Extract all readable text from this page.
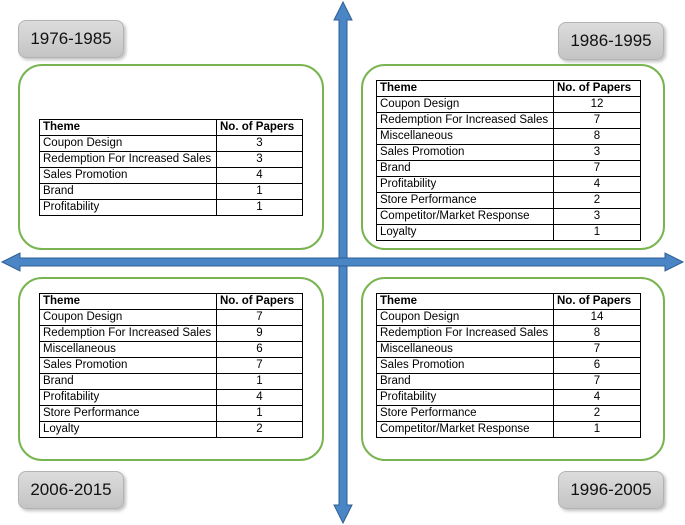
1976-1985	1986-1995
2006-2015	1996-2005
Theme	No. of Papers
Coupon Design	3
Redemption For Increased Sales	3
Sales Promotion	4
Brand	1
Profitability	1
Theme	No. of Papers
Coupon Design	12
Redemption For Increased Sales	7
Miscellaneous	8
Sales Promotion	3
Brand	7
Profitability	4
Store Performance	2
Competitor/Market Response	3
Loyalty	1
Theme	No. of Papers
Coupon Design	7
Redemption For Increased Sales	9
Miscellaneous	6
Sales Promotion	7
Brand	1
Profitability	4
Store Performance	1
Loyalty	2
Theme	No. of Papers
Coupon Design	14
Redemption For Increased Sales	8
Miscellaneous	7
Sales Promotion	6
Brand	7
Profitability	4
Store Performance	2
Competitor/Market Response	1
